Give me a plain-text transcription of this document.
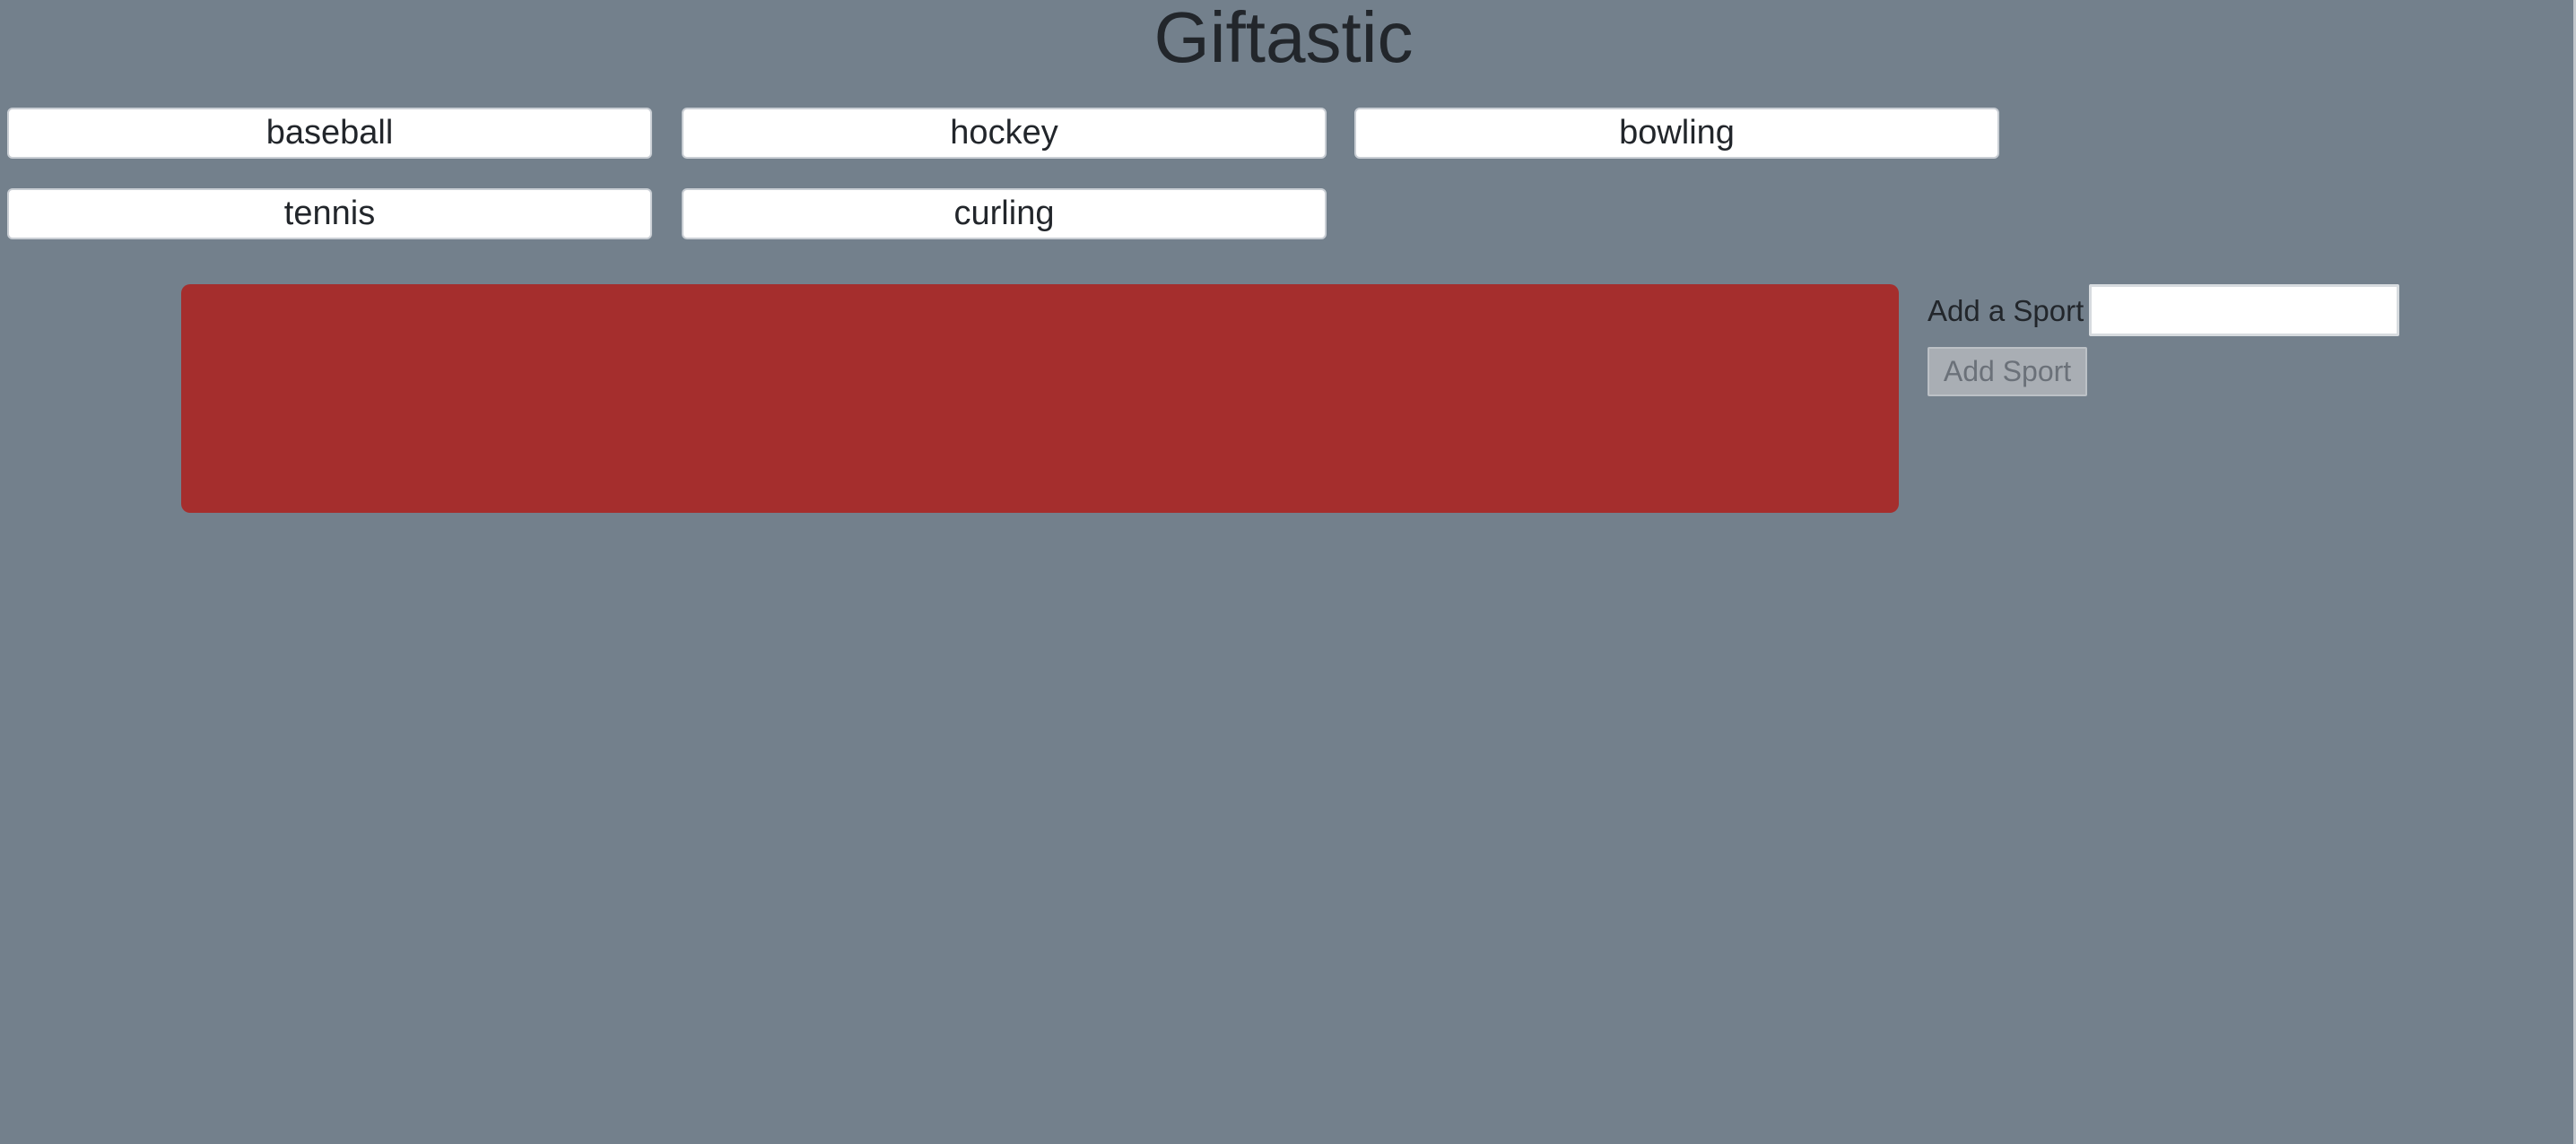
Giftastic
baseball	hockey	bowling
tennis	curling
Add a Sport
Add Sport
